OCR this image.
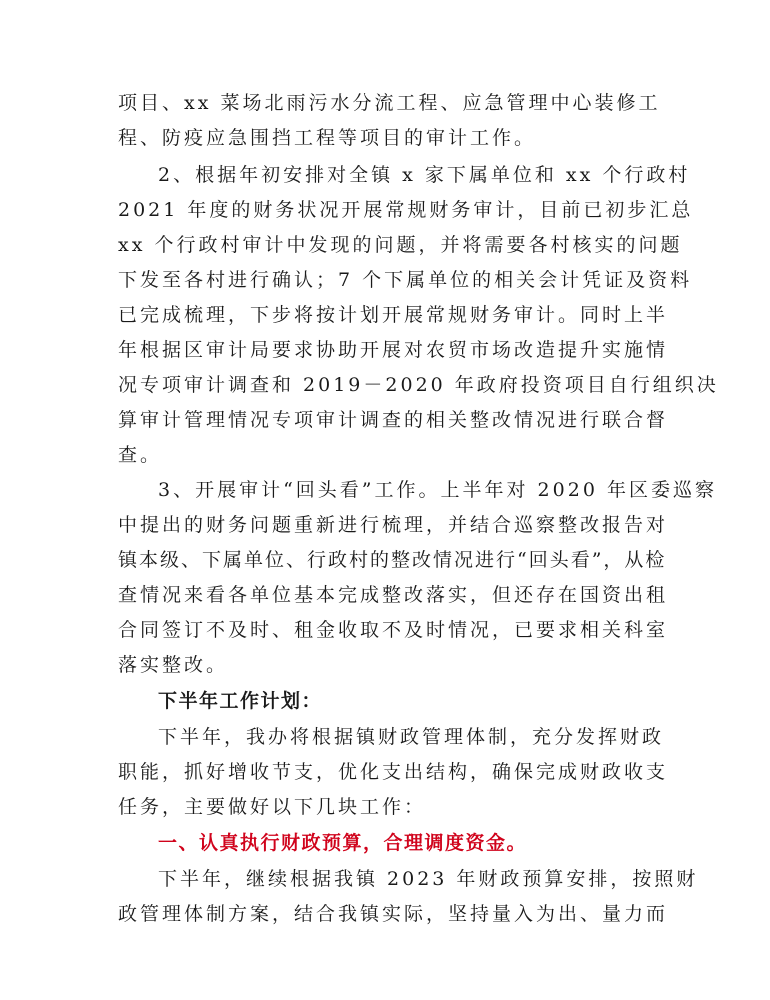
项目、xx 菜场北雨污水分流工程、应急管理中心装修工
程、防疫应急围挡工程等项目的审计工作。
2、根据年初安排对全镇 x 家下属单位和 xx 个行政村
2021 年度的财务状况开展常规财务审计，目前已初步汇总
xx 个行政村审计中发现的问题，并将需要各村核实的问题
下发至各村进行确认；7 个下属单位的相关会计凭证及资料
已完成梳理，下步将按计划开展常规财务审计。同时上半
年根据区审计局要求协助开展对农贸市场改造提升实施情
况专项审计调查和 2019－2020 年政府投资项目自行组织决
算审计管理情况专项审计调查的相关整改情况进行联合督
查。
3、开展审计“回头看”工作。上半年对 2020 年区委巡察
中提出的财务问题重新进行梳理，并结合巡察整改报告对
镇本级、下属单位、行政村的整改情况进行“回头看”，从检
查情况来看各单位基本完成整改落实，但还存在国资出租
合同签订不及时、租金收取不及时情况，已要求相关科室
落实整改。
下半年工作计划：
下半年，我办将根据镇财政管理体制，充分发挥财政
职能，抓好增收节支，优化支出结构，确保完成财政收支
任务，主要做好以下几块工作：
一、认真执行财政预算，合理调度资金。
下半年，继续根据我镇 2023 年财政预算安排，按照财
政管理体制方案，结合我镇实际，坚持量入为出、量力而
